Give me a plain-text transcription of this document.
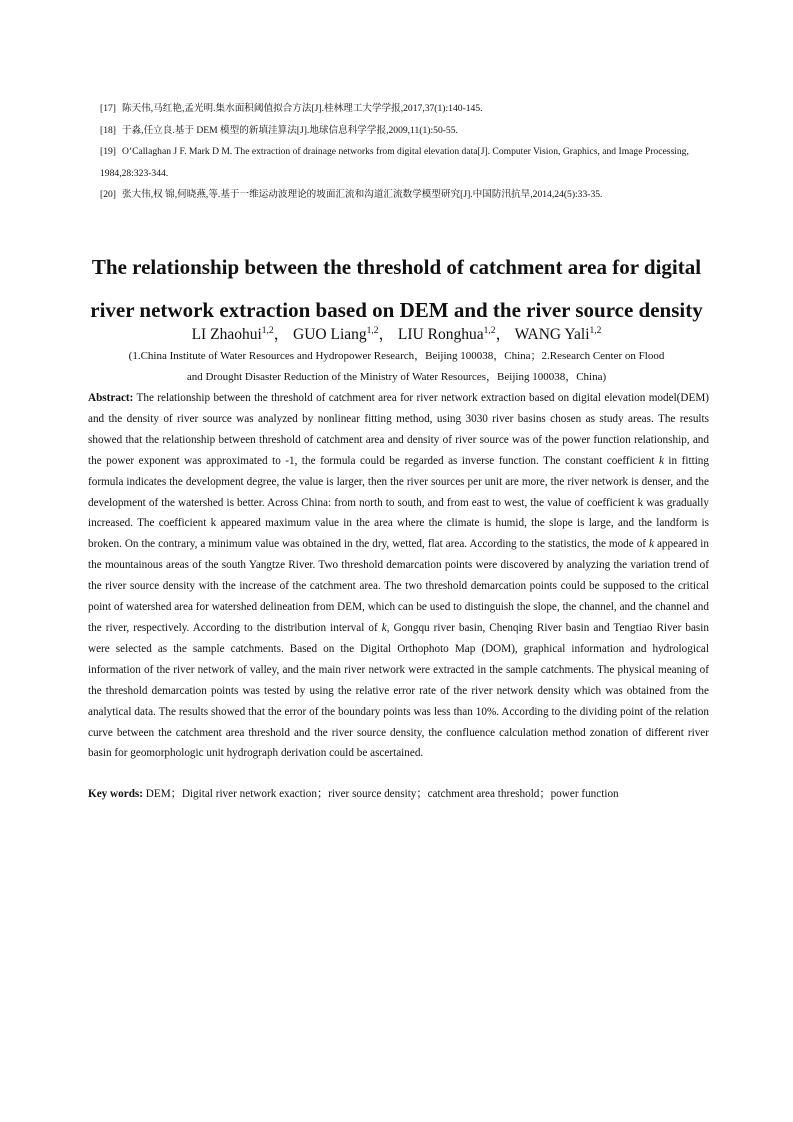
[17] 陈天伟,马红艳,孟光明.集水面积阈值拟合方法[J].桂林理工大学学报,2017,37(1):140-145.
[18] 于淼,任立良.基于 DEM 模型的新填洼算法[J].地球信息科学学报,2009,11(1):50-55.
[19] O’Callaghan J F. Mark D M. The extraction of drainage networks from digital elevation data[J]. Computer Vision, Graphics, and Image Processing,
1984,28:323-344.
[20] 张大伟,权 锦,何晓燕,等.基于一维运动波理论的坡面汇流和沟道汇流数学模型研究[J].中国防汛抗旱,2014,24(5):33-35.
The relationship between the threshold of catchment area for digital
river network extraction based on DEM and the river source density
LI Zhaohui$^{1,2}$， GUO Liang$^{1,2}$， LIU Ronghua$^{1,2}$， WANG Yali$^{1,2}$
(1.China Institute of Water Resources and Hydropower Research，Beijing 100038，China；2.Research Center on Flood
and Drought Disaster Reduction of the Ministry of Water Resources，Beijing 100038，China)
Abstract: The relationship between the threshold of catchment area for river network extraction based on digital elevation model(DEM) and the density of river source was analyzed by nonlinear fitting method, using 3030 river basins chosen as study areas. The results showed that the relationship between threshold of catchment area and density of river source was of the power function relationship, and the power exponent was approximated to -1, the formula could be regarded as inverse function. The constant coefficient k in fitting formula indicates the development degree, the value is larger, then the river sources per unit are more, the river network is denser, and the development of the watershed is better. Across China: from north to south, and from east to west, the value of coefficient k was gradually increased. The coefficient k appeared maximum value in the area where the climate is humid, the slope is large, and the landform is broken. On the contrary, a minimum value was obtained in the dry, wetted, flat area. According to the statistics, the mode of k appeared in the mountainous areas of the south Yangtze River. Two threshold demarcation points were discovered by analyzing the variation trend of the river source density with the increase of the catchment area. The two threshold demarcation points could be supposed to the critical point of watershed area for watershed delineation from DEM, which can be used to distinguish the slope, the channel, and the channel and the river, respectively. According to the distribution interval of k, Gongqu river basin, Chenqing River basin and Tengtiao River basin were selected as the sample catchments. Based on the Digital Orthophoto Map (DOM), graphical information and hydrological information of the river network of valley, and the main river network were extracted in the sample catchments. The physical meaning of the threshold demarcation points was tested by using the relative error rate of the river network density which was obtained from the analytical data. The results showed that the error of the boundary points was less than 10%. According to the dividing point of the relation curve between the catchment area threshold and the river source density, the confluence calculation method zonation of different river basin for geomorphologic unit hydrograph derivation could be ascertained.
Key words: DEM；Digital river network exaction；river source density；catchment area threshold；power function
